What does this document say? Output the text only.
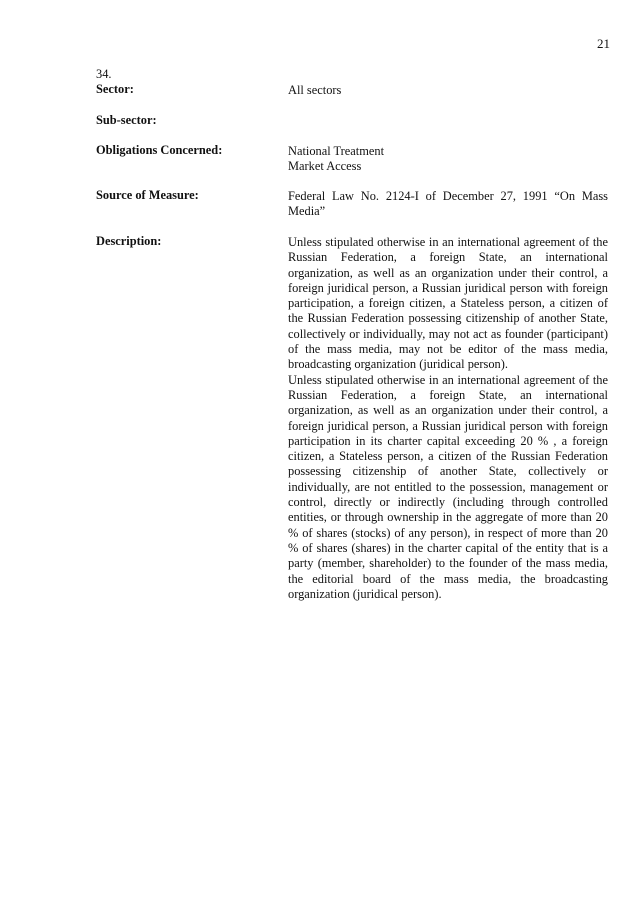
21
34.
Sector:	All sectors
Sub-sector:
Obligations Concerned:	National Treatment
Market Access
Source of Measure:	Federal Law No. 2124-I of December 27, 1991 “On Mass Media”
Description:	Unless stipulated otherwise in an international agreement of the Russian Federation, a foreign State, an international organization, as well as an organization under their control, a foreign juridical person, a Russian juridical person with foreign participation, a foreign citizen, a Stateless person, a citizen of the Russian Federation possessing citizenship of another State, collectively or individually, may not act as founder (participant) of the mass media, may not be editor of the mass media, broadcasting organization (juridical person).
Unless stipulated otherwise in an international agreement of the Russian Federation, a foreign State, an international organization, as well as an organization under their control, a foreign juridical person, a Russian juridical person with foreign participation in its charter capital exceeding 20 % , a foreign citizen, a Stateless person, a citizen of the Russian Federation possessing citizenship of another State, collectively or individually, are not entitled to the possession, management or control, directly or indirectly (including through controlled entities, or through ownership in the aggregate of more than 20 % of shares (stocks) of any person), in respect of more than 20 % of shares (shares) in the charter capital of the entity that is a party (member, shareholder) to the founder of the mass media, the editorial board of the mass media, the broadcasting organization (juridical person).
